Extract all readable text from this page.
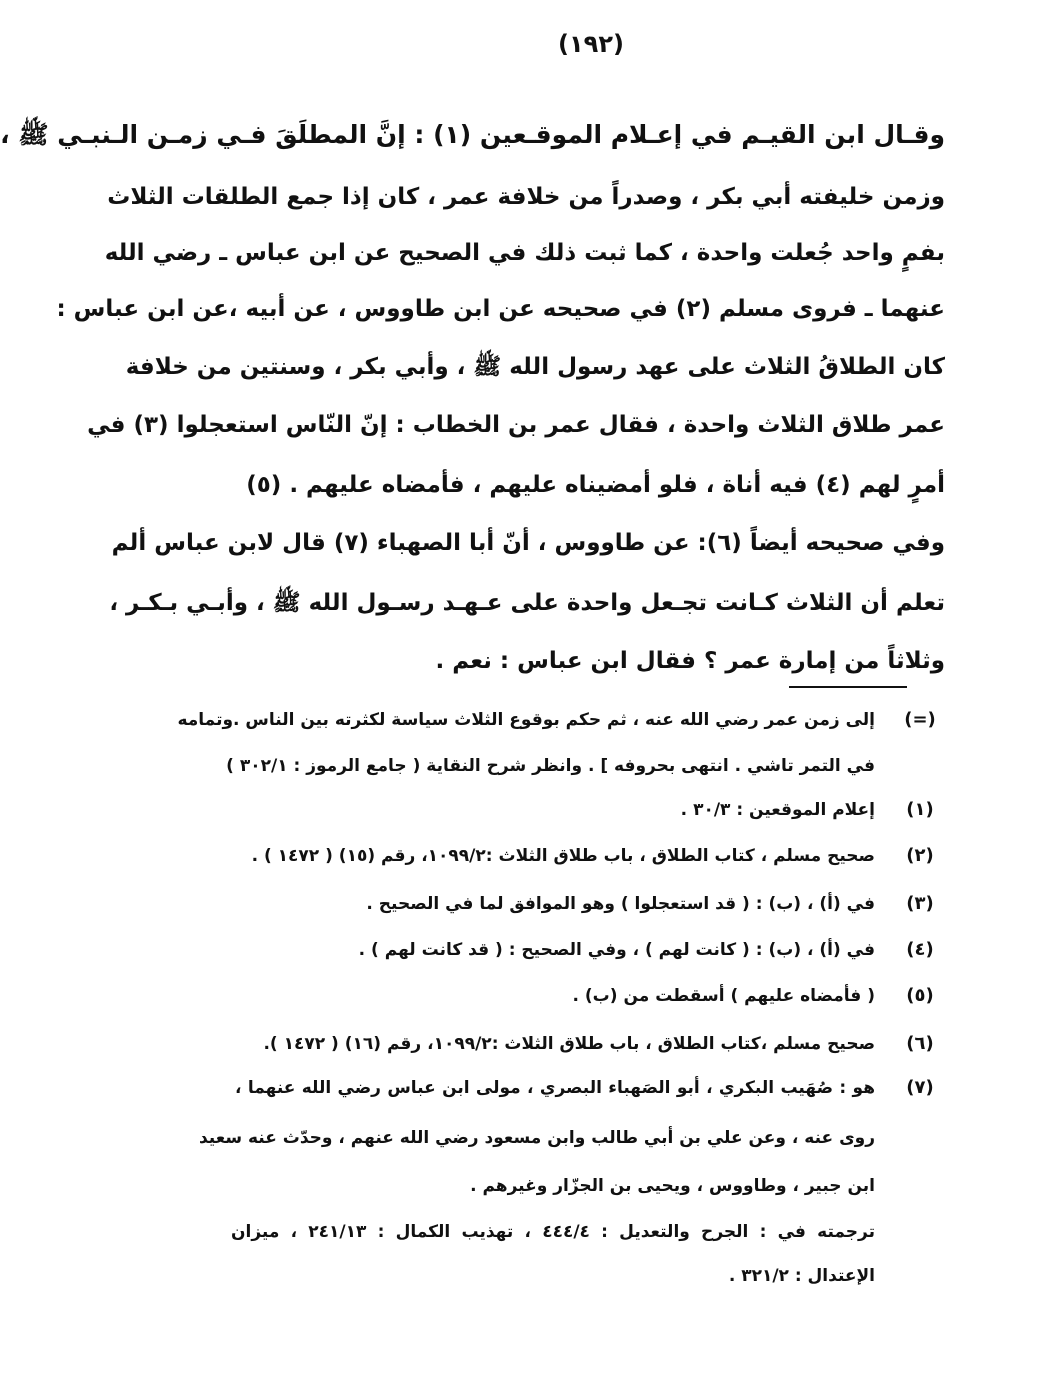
(١٩٢)
وقـال ابن القيـم في إعـلام الموقـعين (١) : إنَّ المطلَقَ فـي زمـن الـنبـي ﷺ ،
وزمن خليفته أبي بكر ، وصدراً من خلافة عمر ، كان إذا جمع الطلقات الثلاث
بفمٍ واحد جُعلت واحدة ، كما ثبت ذلك في الصحيح عن ابن عباس ـ رضي الله
عنهما ـ فروى مسلم (٢) في صحيحه عن ابن طاووس ، عن أبيه ،عن ابن عباس :
كان الطلاقُ الثلاث على عهد رسول الله ﷺ ، وأبي بكر ، وسنتين من خلافة
عمر طلاق الثلاث واحدة ، فقال عمر بن الخطاب : إنّ النّاس استعجلوا (٣) في
أمرٍ لهم (٤) فيه أناة ، فلو أمضيناه عليهم ، فأمضاه عليهم . (٥)
وفي صحيحه أيضاً (٦): عن طاووس ، أنّ أبا الصهباء (٧) قال لابن عباس ألم
تعلم أن الثلاث كـانت تجـعل واحدة على عـهـد رسـول الله ﷺ ، وأبـي بـكـر ،
وثلاثاً من إمارة عمر ؟ فقال ابن عباس : نعم .
(=)
إلى زمن عمر رضي الله عنه ، ثم حكم بوقوع الثلاث سياسة لكثرته بين الناس .وتمامه
في التمر تاشي . انتهى بحروفه ] . وانظر شرح النقاية ( جامع الرموز : ٣٠٢/١ )
(١)
إعلام الموقعين : ٣٠/٣ .
(٢)
صحيح مسلم ، كتاب الطلاق ، باب طلاق الثلاث :١٠٩٩/٢، رقم (١٥) ( ١٤٧٢ ) .
(٣)
في (أ) ، (ب) : ( قد استعجلوا ) وهو الموافق لما في الصحيح .
(٤)
في (أ) ، (ب) : ( كانت لهم ) ، وفي الصحيح : ( قد كانت لهم ) .
(٥)
( فأمضاه عليهم ) أسقطت من (ب) .
(٦)
صحيح مسلم ،كتاب الطلاق ، باب طلاق الثلاث :١٠٩٩/٢، رقم (١٦) ( ١٤٧٢ ).
(٧)
هو : صُهَيب البكري ، أبو الصَهباء البصري ، مولى ابن عباس رضي الله عنهما ،
روى عنه ، وعن علي بن أبي طالب وابن مسعود رضي الله عنهم ، وحدّث عنه سعيد
ابن جبير ، وطاووس ، ويحيى بن الجزّار وغيرهم .
ترجمته في : الجرح والتعديل : ٤٤٤/٤ ، تهذيب الكمال : ٢٤١/١٣ ، ميزان
الإعتدال : ٣٢١/٢ .
